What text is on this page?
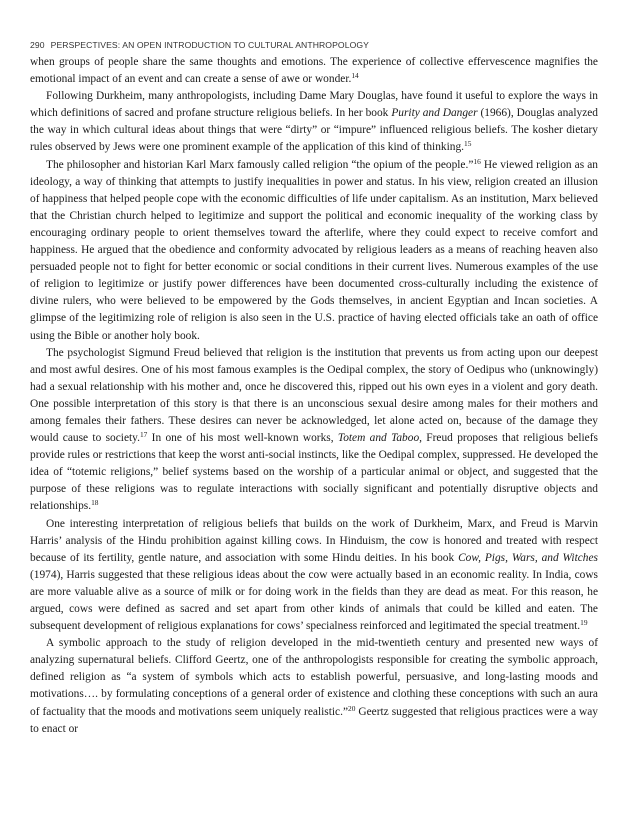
290 PERSPECTIVES: AN OPEN INTRODUCTION TO CULTURAL ANTHROPOLOGY

when groups of people share the same thoughts and emotions. The experience of collective effervescence magnifies the emotional impact of an event and can create a sense of awe or wonder.$^{14}$

Following Durkheim, many anthropologists, including Dame Mary Douglas, have found it useful to explore the ways in which definitions of sacred and profane structure religious beliefs. In her book Purity and Danger (1966), Douglas analyzed the way in which cultural ideas about things that were “dirty” or “impure” influenced religious beliefs. The kosher dietary rules observed by Jews were one prominent example of the application of this kind of thinking.$^{15}$

The philosopher and historian Karl Marx famously called religion “the opium of the people.”$^{16}$ He viewed religion as an ideology, a way of thinking that attempts to justify inequalities in power and status. In his view, religion created an illusion of happiness that helped people cope with the economic difficulties of life under capitalism. As an institution, Marx believed that the Christian church helped to legitimize and support the political and economic inequality of the working class by encouraging ordinary people to orient themselves toward the afterlife, where they could expect to receive comfort and happiness. He argued that the obedience and conformity advocated by religious leaders as a means of reaching heaven also persuaded people not to fight for better economic or social conditions in their current lives. Numerous examples of the use of religion to legitimize or justify power differences have been documented cross-culturally including the existence of divine rulers, who were believed to be empowered by the Gods themselves, in ancient Egyptian and Incan societies. A glimpse of the legitimizing role of religion is also seen in the U.S. practice of having elected officials take an oath of office using the Bible or another holy book.

The psychologist Sigmund Freud believed that religion is the institution that prevents us from acting upon our deepest and most awful desires. One of his most famous examples is the Oedipal complex, the story of Oedipus who (unknowingly) had a sexual relationship with his mother and, once he discovered this, ripped out his own eyes in a violent and gory death. One possible interpretation of this story is that there is an unconscious sexual desire among males for their mothers and among females their fathers. These desires can never be acknowledged, let alone acted on, because of the damage they would cause to society.$^{17}$ In one of his most well-known works, Totem and Taboo, Freud proposes that religious beliefs provide rules or restrictions that keep the worst anti-social instincts, like the Oedipal complex, suppressed. He developed the idea of “totemic religions,” belief systems based on the worship of a particular animal or object, and suggested that the purpose of these religions was to regulate interactions with socially significant and potentially disruptive objects and relationships.$^{18}$

One interesting interpretation of religious beliefs that builds on the work of Durkheim, Marx, and Freud is Marvin Harris’ analysis of the Hindu prohibition against killing cows. In Hinduism, the cow is honored and treated with respect because of its fertility, gentle nature, and association with some Hindu deities. In his book Cow, Pigs, Wars, and Witches (1974), Harris suggested that these religious ideas about the cow were actually based in an economic reality. In India, cows are more valuable alive as a source of milk or for doing work in the fields than they are dead as meat. For this reason, he argued, cows were defined as sacred and set apart from other kinds of animals that could be killed and eaten. The subsequent development of religious explanations for cows’ specialness reinforced and legitimated the special treatment.$^{19}$

A symbolic approach to the study of religion developed in the mid-twentieth century and presented new ways of analyzing supernatural beliefs. Clifford Geertz, one of the anthropologists responsible for creating the symbolic approach, defined religion as “a system of symbols which acts to establish powerful, persuasive, and long-lasting moods and motivations…. by formulating conceptions of a general order of existence and clothing these conceptions with such an aura of factuality that the moods and motivations seem uniquely realistic.”$^{20}$ Geertz suggested that religious practices were a way to enact or
